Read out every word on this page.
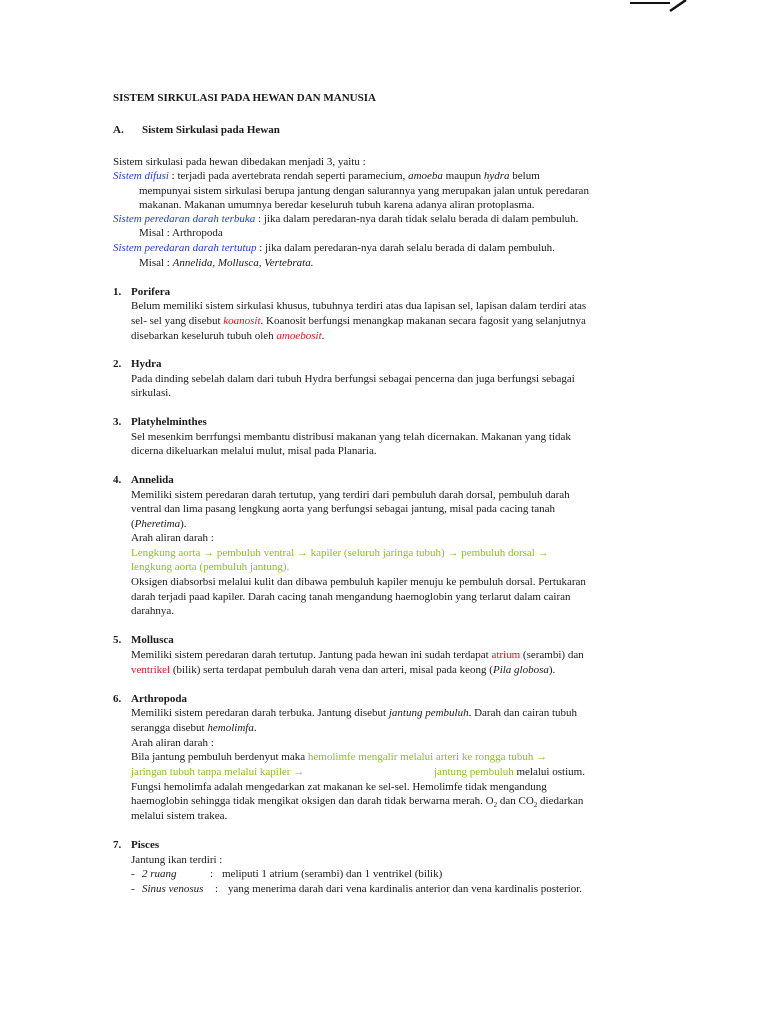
SISTEM SIRKULASI PADA HEWAN DAN MANUSIA
A. Sistem Sirkulasi pada Hewan
Sistem sirkulasi pada hewan dibedakan menjadi 3, yaitu :
Sistem difusi : terjadi pada avertebrata rendah seperti paramecium, amoeba maupun hydra belum
mempunyai sistem sirkulasi berupa jantung dengan salurannya yang merupakan jalan untuk peredaran
makanan. Makanan umumnya beredar keseluruh tubuh karena adanya aliran protoplasma.
Sistem peredaran darah terbuka : jika dalam peredaran-nya darah tidak selalu berada di dalam pembuluh.
Misal : Arthropoda
Sistem peredaran darah tertutup : jika dalam peredaran-nya darah selalu berada di dalam pembuluh.
Misal : Annelida, Mollusca, Vertebrata.
1. Porifera
Belum memiliki sistem sirkulasi khusus, tubuhnya terdiri atas dua lapisan sel, lapisan dalam terdiri atas
sel- sel yang disebut koanosit. Koanosit berfungsi menangkap makanan secara fagosit yang selanjutnya
disebarkan keseluruh tubuh oleh amoebosit.
2. Hydra
Pada dinding sebelah dalam dari tubuh Hydra berfungsi sebagai pencerna dan juga berfungsi sebagai
sirkulasi.
3. Platyhelminthes
Sel mesenkim berrfungsi membantu distribusi makanan yang telah dicernakan. Makanan yang tidak
dicerna dikeluarkan melalui mulut, misal pada Planaria.
4. Annelida
Memiliki sistem peredaran darah tertutup, yang terdiri dari pembuluh darah dorsal, pembuluh darah
ventral dan lima pasang lengkung aorta yang berfungsi sebagai jantung, misal pada cacing tanah
(Pheretima).
Arah aliran darah :
Lengkung aorta → pembuluh ventral → kapiler (seluruh jaringa tubuh) → pembuluh dorsal →
lengkung aorta (pembuluh jantung).
Oksigen diabsorbsi melalui kulit dan dibawa pembuluh kapiler menuju ke pembuluh dorsal. Pertukaran
darah terjadi paad kapiler. Darah cacing tanah mengandung haemoglobin yang terlarut dalam cairan
darahnya.
5. Mollusca
Memiliki sistem peredaran darah tertutup. Jantung pada hewan ini sudah terdapat atrium (serambi) dan
ventrikel (bilik) serta terdapat pembuluh darah vena dan arteri, misal pada keong (Pila globosa).
6. Arthropoda
Memiliki sistem peredaran darah terbuka. Jantung disebut jantung pembuluh. Darah dan cairan tubuh
serangga disebut hemolimfa.
Arah aliran darah :
Bila jantung pembuluh berdenyut maka hemolimfe mengalir melalui arteri ke rongga tubuh →
jaringan tubuh tanpa melalui kapiler →	jantung pembuluh melalui ostium.
Fungsi hemolimfa adalah mengedarkan zat makanan ke sel-sel. Hemolimfe tidak mengandung
haemoglobin sehingga tidak mengikat oksigen dan darah tidak berwarna merah. $O_2$ dan $CO_2$ diedarkan
melalui sistem trakea.
7. Pisces
Jantung ikan terdiri :
- 2 ruang	: meliputi 1 atrium (serambi) dan 1 ventrikel (bilik)
- Sinus venosus : yang menerima darah dari vena kardinalis anterior dan vena kardinalis posterior.
